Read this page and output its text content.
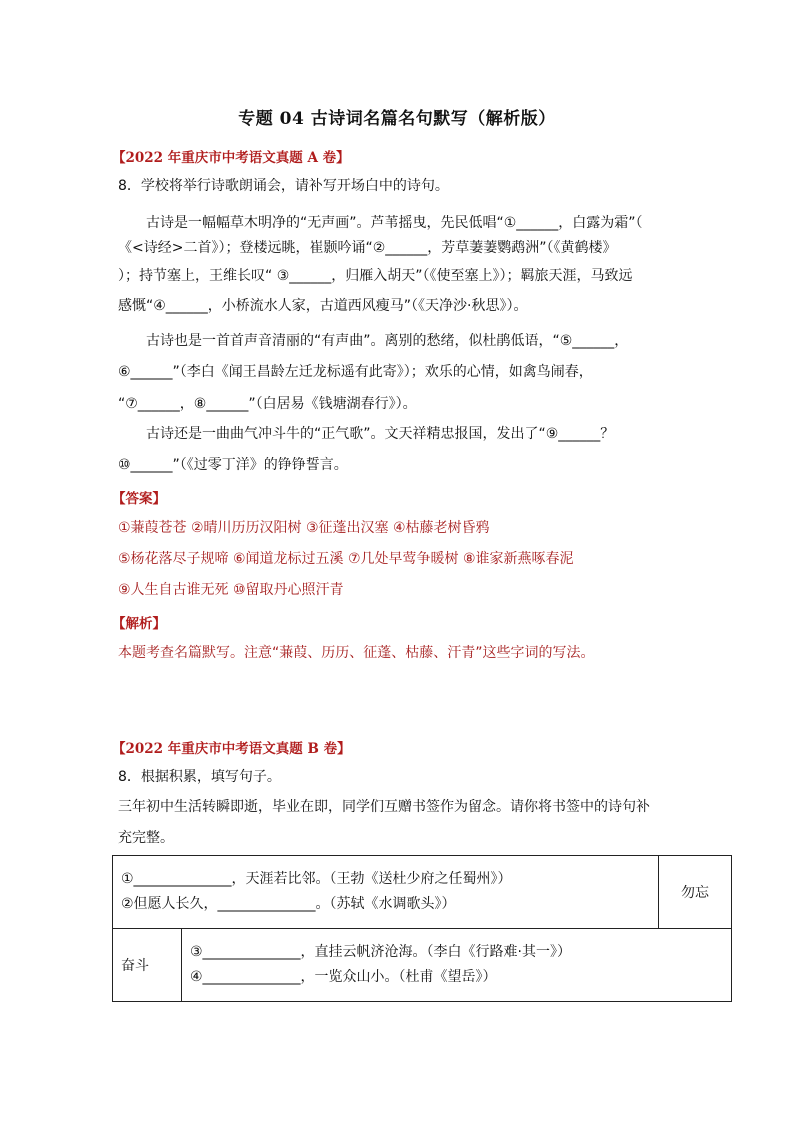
专题 04 古诗词名篇名句默写（解析版）
【2022 年重庆市中考语文真题 A 卷】
8．学校将举行诗歌朗诵会，请补写开场白中的诗句。
古诗是一幅幅草木明净的“无声画”。芦苇摇曳，先民低唱“①______，白露为霜”（
《<诗经>二首》）；登楼远眺，崔颢吟诵“②______，芳草萋萋鹦鹉洲”（《黄鹤楼》
）；持节塞上，王维长叹“ ③______，归雁入胡天”（《使至塞上》）；羁旅天涯，马致远
感慨“④______，小桥流水人家，古道西风瘦马”（《天净沙·秋思》）。
古诗也是一首首声音清丽的“有声曲”。离别的愁绪，似杜鹃低语，“⑤______，
⑥______”（李白《闻王昌龄左迁龙标遥有此寄》）；欢乐的心情，如禽鸟闹春，
“⑦______，⑧______”（白居易《钱塘湖春行》）。
古诗还是一曲曲气冲斗牛的“正气歌”。文天祥精忠报国，发出了“⑨______？
⑩______”（《过零丁洋》的铮铮誓言。
【答案】
①蒹葭苍苍 ②晴川历历汉阳树 ③征蓬出汉塞 ④枯藤老树昏鸦
⑤杨花落尽子规啼 ⑥闻道龙标过五溪 ⑦几处早莺争暖树 ⑧谁家新燕啄春泥
⑨人生自古谁无死 ⑩留取丹心照汗青
【解析】
本题考查名篇默写。注意“蒹葭、历历、征蓬、枯藤、汗青”这些字词的写法。
【2022 年重庆市中考语文真题 B 卷】
8．根据积累，填写句子。
三年初中生活转瞬即逝，毕业在即，同学们互赠书签作为留念。请你将书签中的诗句补
充完整。
①______________，天涯若比邻。（王勃《送杜少府之任蜀州》）
②但愿人长久，______________。（苏轼《水调歌头》）		勿忘
奋斗	③______________，直挂云帆济沧海。（李白《行路难·其一》）
④______________，一览众山小。（杜甫《望岳》）	
